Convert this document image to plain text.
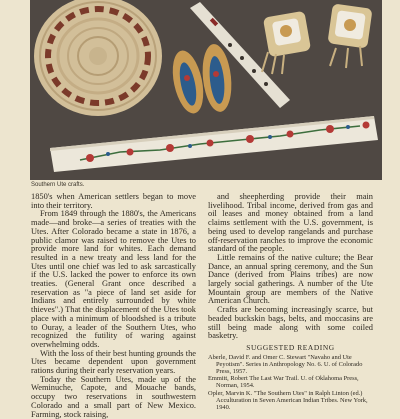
Southern Ute crafts.

1850's when American settlers began to move into their territory.

From 1849 through the 1880's, the Americans made—and broke—a series of treaties with the Utes. After Colorado became a state in 1876, a public clamor was raised to remove the Utes to provide more land for whites. Each demand resulted in a new treaty and less land for the Utes until one chief was led to ask sarcastically if the U.S. lacked the power to enforce its own treaties. (General Grant once described a reservation as "a piece of land set aside for Indians and entirely surrounded by white thieves".) That the displacement of the Utes took place with a minimum of bloodshed is a tribute to Ouray, a leader of the Southern Utes, who recognized the futility of waring against overwhelming odds.

With the loss of their best hunting grounds the Utes became dependent upon government rations during their early reservation years.

Today the Southern Utes, made up of the Weminuche, Capote, and Mouache bands, occupy two reservations in southwestern Colorado and a small part of New Mexico. Farming, stock raising,

and sheepherding provide their main livelihood. Tribal income, derived from gas and oil leases and money obtained from a land claims settlement with the U.S. government, is being used to develop rangelands and purchase off-reservation ranches to improve the economic standard of the people.

Little remains of the native culture; the Bear Dance, an annual spring ceremony, and the Sun Dance (derived from Plains tribes) are now largely social gatherings. A number of the Ute Mountain group are members of the Native American Church.

Crafts are becoming increasingly scarce, but beaded buckskin bags, belts, and moccasins are still being made along with some coiled basketry.

SUGGESTED READING

Aberle, David F. and Omer C. Stewart "Navaho and Ute Peyotism". Series in Anthropology No. 6. U. of Colorado Press, 1957.

Emmitt, Robert The Last War Trail. U. of Oklahoma Press, Norman, 1954.

Opler, Marvin K. "The Southern Utes" in Ralph Linton (ed.) Acculturation in Seven American Indian Tribes. New York, 1940.
